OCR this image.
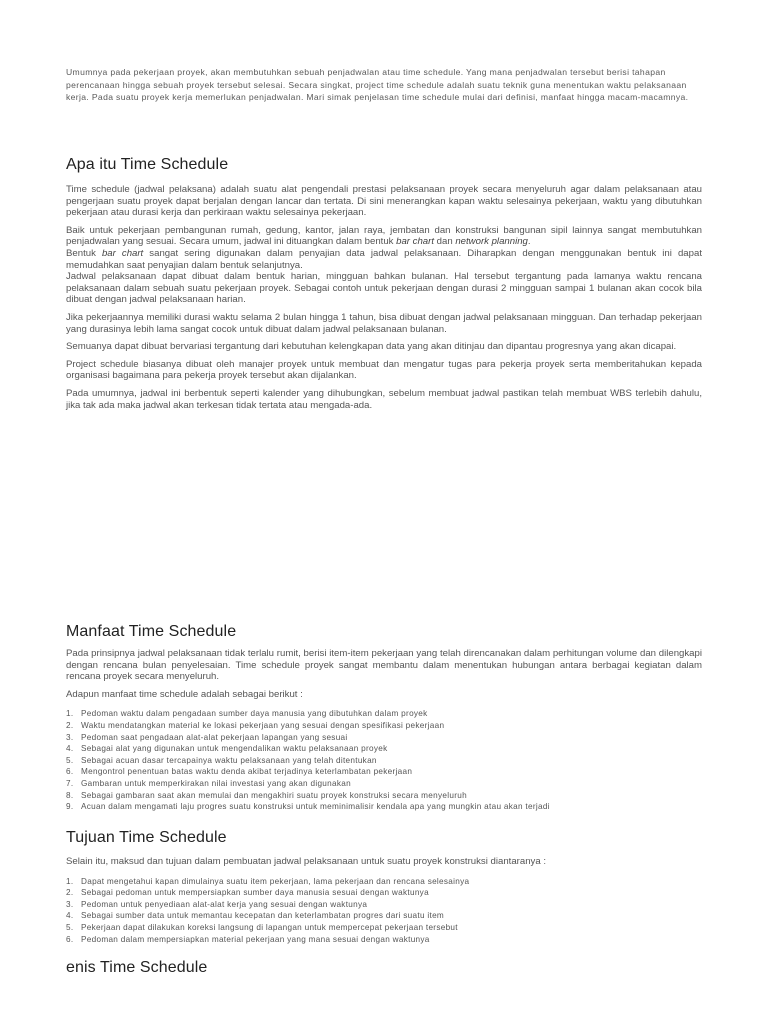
Umumnya pada pekerjaan proyek, akan membutuhkan sebuah penjadwalan atau time schedule. Yang mana penjadwalan tersebut berisi tahapan perencanaan hingga sebuah proyek tersebut selesai. Secara singkat, project time schedule adalah suatu teknik guna menentukan waktu pelaksanaan kerja. Pada suatu proyek kerja memerlukan penjadwalan. Mari simak penjelasan time schedule mulai dari definisi, manfaat hingga macam-macamnya.

Apa itu Time Schedule

Time schedule (jadwal pelaksana) adalah suatu alat pengendali prestasi pelaksanaan proyek secara menyeluruh agar dalam pelaksanaan atau pengerjaan suatu proyek dapat berjalan dengan lancar dan tertata. Di sini menerangkan kapan waktu selesainya pekerjaan, waktu yang dibutuhkan pekerjaan atau durasi kerja dan perkiraan waktu selesainya pekerjaan.

Baik untuk pekerjaan pembangunan rumah, gedung, kantor, jalan raya, jembatan dan konstruksi bangunan sipil lainnya sangat membutuhkan penjadwalan yang sesuai. Secara umum, jadwal ini dituangkan dalam bentuk bar chart dan network planning.

Bentuk bar chart sangat sering digunakan dalam penyajian data jadwal pelaksanaan. Diharapkan dengan menggunakan bentuk ini dapat memudahkan saat penyajian dalam bentuk selanjutnya.

Jadwal pelaksanaan dapat dibuat dalam bentuk harian, mingguan bahkan bulanan. Hal tersebut tergantung pada lamanya waktu rencana pelaksanaan dalam sebuah suatu pekerjaan proyek. Sebagai contoh untuk pekerjaan dengan durasi 2 mingguan sampai 1 bulanan akan cocok bila dibuat dengan jadwal pelaksanaan harian.

Jika pekerjaannya memiliki durasi waktu selama 2 bulan hingga 1 tahun, bisa dibuat dengan jadwal pelaksanaan mingguan. Dan terhadap pekerjaan yang durasinya lebih lama sangat cocok untuk dibuat dalam jadwal pelaksanaan bulanan.

Semuanya dapat dibuat bervariasi tergantung dari kebutuhan kelengkapan data yang akan ditinjau dan dipantau progresnya yang akan dicapai.

Project schedule biasanya dibuat oleh manajer proyek untuk membuat dan mengatur tugas para pekerja proyek serta memberitahukan kepada organisasi bagaimana para pekerja proyek tersebut akan dijalankan.

Pada umumnya, jadwal ini berbentuk seperti kalender yang dihubungkan, sebelum membuat jadwal pastikan telah membuat WBS terlebih dahulu, jika tak ada maka jadwal akan terkesan tidak tertata atau mengada-ada.

Manfaat Time Schedule

Pada prinsipnya jadwal pelaksanaan tidak terlalu rumit, berisi item-item pekerjaan yang telah direncanakan dalam perhitungan volume dan dilengkapi dengan rencana bulan penyelesaian. Time schedule proyek sangat membantu dalam menentukan hubungan antara berbagai kegiatan dalam rencana proyek secara menyeluruh.

Adapun manfaat time schedule adalah sebagai berikut :

1. Pedoman waktu dalam pengadaan sumber daya manusia yang dibutuhkan dalam proyek
2. Waktu mendatangkan material ke lokasi pekerjaan yang sesuai dengan spesifikasi pekerjaan
3. Pedoman saat pengadaan alat-alat pekerjaan lapangan yang sesuai
4. Sebagai alat yang digunakan untuk mengendalikan waktu pelaksanaan proyek
5. Sebagai acuan dasar tercapainya waktu pelaksanaan yang telah ditentukan
6. Mengontrol penentuan batas waktu denda akibat terjadinya keterlambatan pekerjaan
7. Gambaran untuk memperkirakan nilai investasi yang akan digunakan
8. Sebagai gambaran saat akan memulai dan mengakhiri suatu proyek konstruksi secara menyeluruh
9. Acuan dalam mengamati laju progres suatu konstruksi untuk meminimalisir kendala apa yang mungkin atau akan terjadi
Tujuan Time Schedule

Selain itu, maksud dan tujuan dalam pembuatan jadwal pelaksanaan untuk suatu proyek konstruksi diantaranya :

1. Dapat mengetahui kapan dimulainya suatu item pekerjaan, lama pekerjaan dan rencana selesainya
2. Sebagai pedoman untuk mempersiapkan sumber daya manusia sesuai dengan waktunya
3. Pedoman untuk penyediaan alat-alat kerja yang sesuai dengan waktunya
4. Sebagai sumber data untuk memantau kecepatan dan keterlambatan progres dari suatu item
5. Pekerjaan dapat dilakukan koreksi langsung di lapangan untuk mempercepat pekerjaan tersebut
6. Pedoman dalam mempersiapkan material pekerjaan yang mana sesuai dengan waktunya
enis Time Schedule
